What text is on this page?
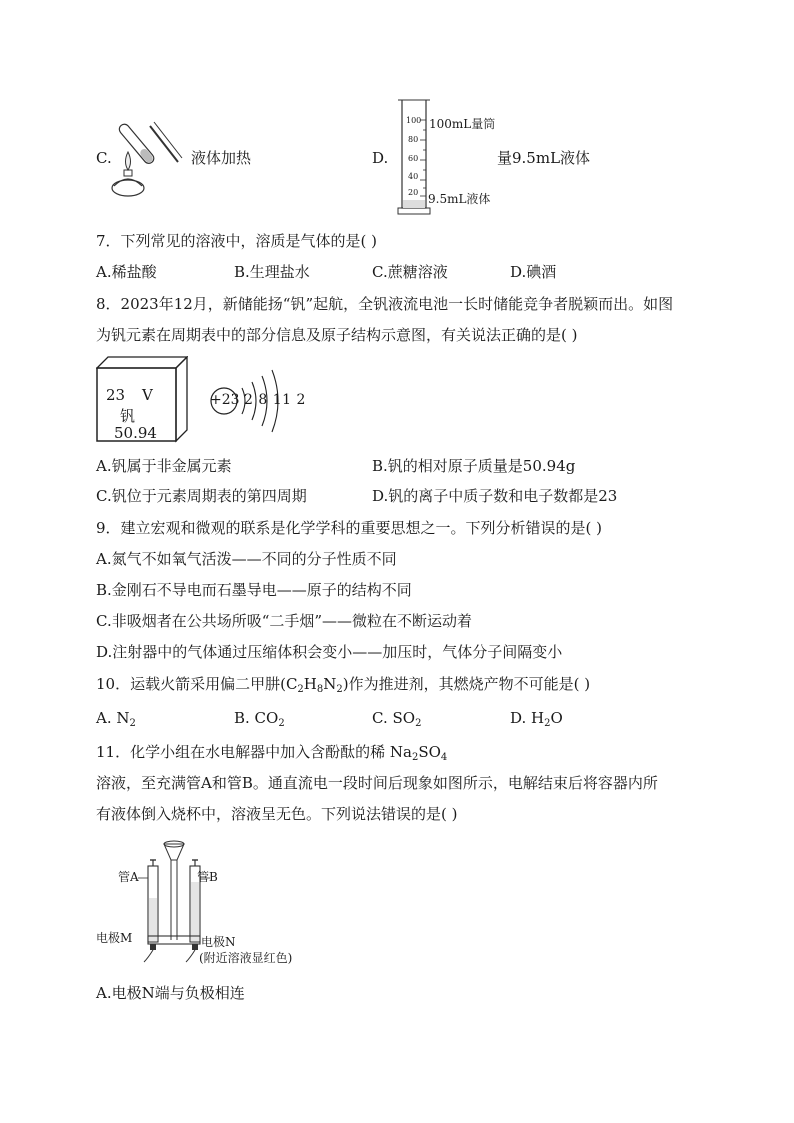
C.	液体加热	D.
100
80
60
40
20
100mL量筒
9.5mL液体
量9.5mL液体
7．下列常见的溶液中，溶质是气体的是( )
A.稀盐酸	B.生理盐水	C.蔗糖溶液	D.碘酒
8．2023年12月，新储能扬“钒”起航，全钒液流电池一长时储能竞争者脱颖而出。如图
为钒元素在周期表中的部分信息及原子结构示意图，有关说法正确的是( )
23 V
钒
50.94
+23 2 8 11 2
A.钒属于非金属元素	B.钒的相对原子质量是50.94g
C.钒位于元素周期表的第四周期	D.钒的离子中质子数和电子数都是23
9．建立宏观和微观的联系是化学学科的重要思想之一。下列分析错误的是( )
A.氮气不如氧气活泼——不同的分子性质不同
B.金刚石不导电而石墨导电——原子的结构不同
C.非吸烟者在公共场所吸“二手烟”——微粒在不断运动着
D.注射器中的气体通过压缩体积会变小——加压时，气体分子间隔变小
10．运载火箭采用偏二甲肼$(C_2H_8N_2)$作为推进剂，其燃烧产物不可能是( )
A. $N_2$	B. $CO_2$	C. $SO_2$	D. $H_2O$
11．化学小组在水电解器中加入含酚酞的稀 $Na_2SO_4$
溶液，至充满管A和管B。通直流电一段时间后现象如图所示，电解结束后将容器内所
有液体倒入烧杯中，溶液呈无色。下列说法错误的是( )
管A	管B
电极M	电极N
(附近溶液显红色)
A.电极N端与负极相连
